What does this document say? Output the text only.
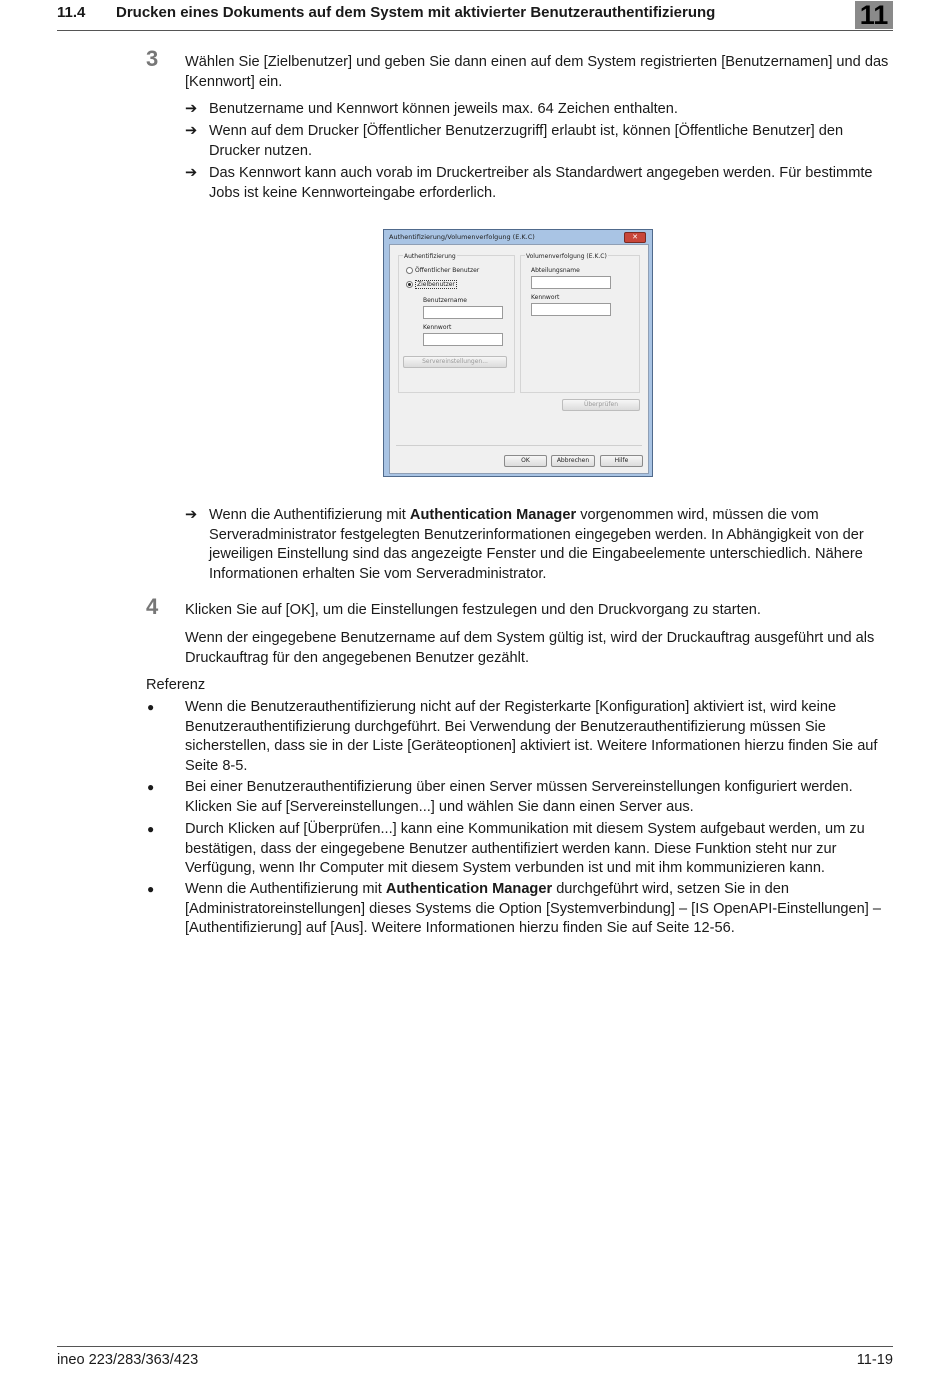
11.4 Drucken eines Dokuments auf dem System mit aktivierter Benutzerauthentifizierung	11
3 Wählen Sie [Zielbenutzer] und geben Sie dann einen auf dem System registrierten [Benutzernamen] und das [Kennwort] ein.
➔ Benutzername und Kennwort können jeweils max. 64 Zeichen enthalten.
➔ Wenn auf dem Drucker [Öffentlicher Benutzerzugriff] erlaubt ist, können [Öffentliche Benutzer] den Drucker nutzen.
➔ Das Kennwort kann auch vorab im Druckertreiber als Standardwert angegeben werden. Für bestimmte Jobs ist keine Kennworteingabe erforderlich.
Authentifizierung/Volumenverfolgung (E.K.C)	✕
Authentifizierung
Öffentlicher Benutzer
Zielbenutzer
Benutzername
Kennwort
Servereinstellungen...
Volumenverfolgung (E.K.C)
Abteilungsname
Kennwort
Überprüfen
OK	Abbrechen	Hilfe
➔ Wenn die Authentifizierung mit Authentication Manager vorgenommen wird, müssen die vom Serveradministrator festgelegten Benutzerinformationen eingegeben werden. In Abhängigkeit von der jeweiligen Einstellung sind das angezeigte Fenster und die Eingabeelemente unterschiedlich. Nähere Informationen erhalten Sie vom Serveradministrator.
4 Klicken Sie auf [OK], um die Einstellungen festzulegen und den Druckvorgang zu starten.
Wenn der eingegebene Benutzername auf dem System gültig ist, wird der Druckauftrag ausgeführt und als Druckauftrag für den angegebenen Benutzer gezählt.
Referenz
● Wenn die Benutzerauthentifizierung nicht auf der Registerkarte [Konfiguration] aktiviert ist, wird keine Benutzerauthentifizierung durchgeführt. Bei Verwendung der Benutzerauthentifizierung müssen Sie sicherstellen, dass sie in der Liste [Geräteoptionen] aktiviert ist. Weitere Informationen hierzu finden Sie auf Seite 8-5.
● Bei einer Benutzerauthentifizierung über einen Server müssen Servereinstellungen konfiguriert werden. Klicken Sie auf [Servereinstellungen...] und wählen Sie dann einen Server aus.
● Durch Klicken auf [Überprüfen...] kann eine Kommunikation mit diesem System aufgebaut werden, um zu bestätigen, dass der eingegebene Benutzer authentifiziert werden kann. Diese Funktion steht nur zur Verfügung, wenn Ihr Computer mit diesem System verbunden ist und mit ihm kommunizieren kann.
● Wenn die Authentifizierung mit Authentication Manager durchgeführt wird, setzen Sie in den [Administratoreinstellungen] dieses Systems die Option [Systemverbindung] – [IS OpenAPI-Einstellungen] – [Authentifizierung] auf [Aus]. Weitere Informationen hierzu finden Sie auf Seite 12-56.
ineo 223/283/363/423	11-19
